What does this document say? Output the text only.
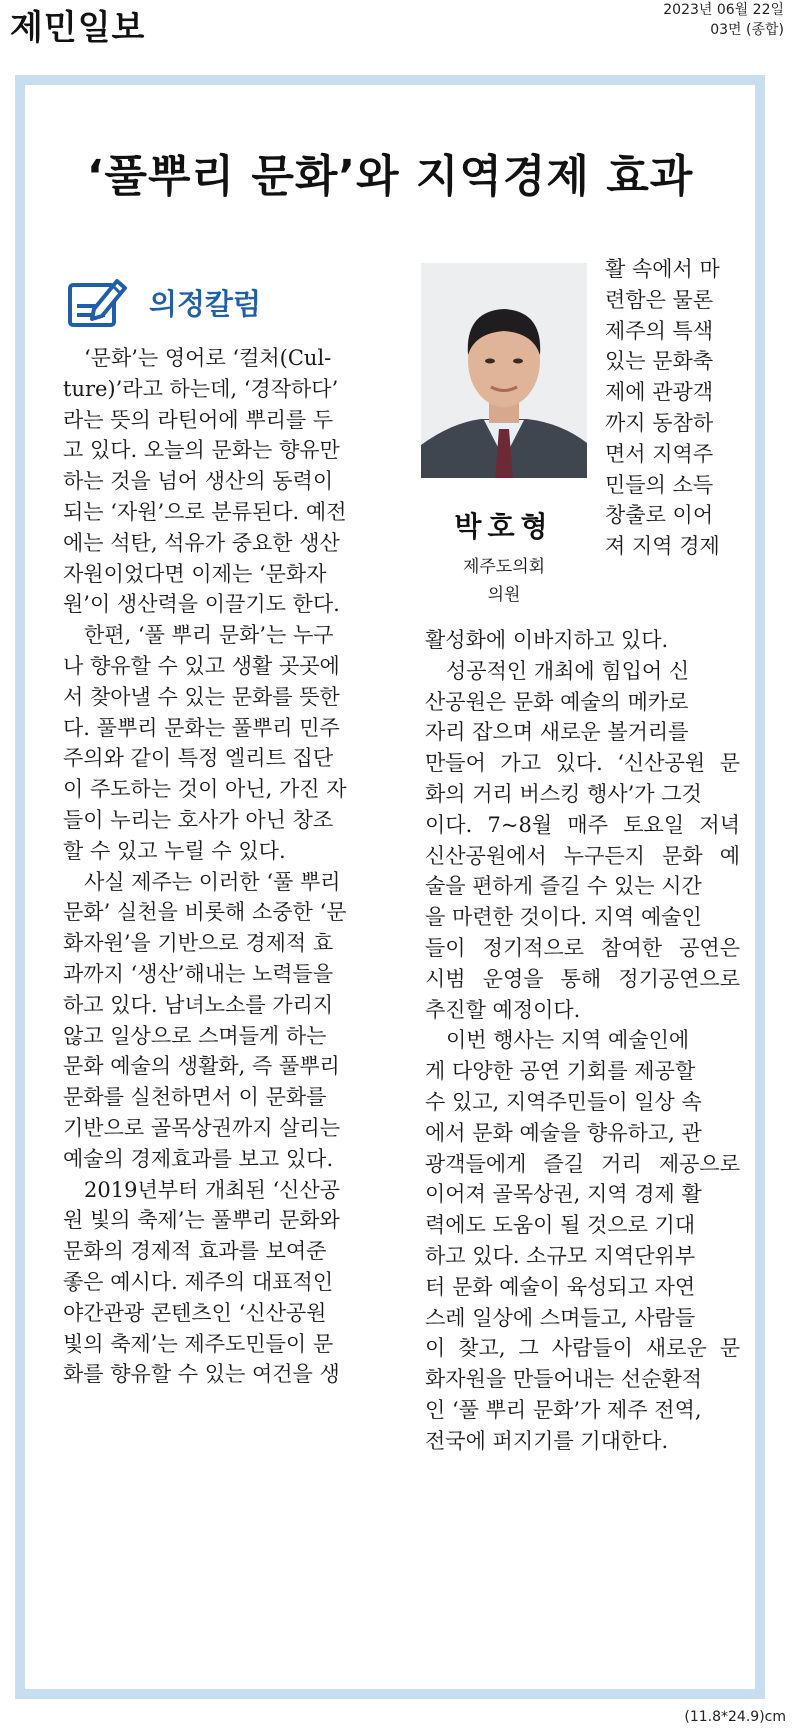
제민일보	2023년 06월 22일
03면 (종합)
‘풀뿌리 문화’와 지역경제 효과
의정칼럼
박호형
제주도의회
의원
‘문화’는 영어로 ‘컬처(Cul-
ture)’라고 하는데, ‘경작하다’
라는 뜻의 라틴어에 뿌리를 두
고 있다. 오늘의 문화는 향유만
하는 것을 넘어 생산의 동력이
되는 ‘자원’으로 분류된다. 예전
에는 석탄, 석유가 중요한 생산
자원이었다면 이제는 ‘문화자
원’이 생산력을 이끌기도 한다.
한편, ‘풀 뿌리 문화’는 누구
나 향유할 수 있고 생활 곳곳에
서 찾아낼 수 있는 문화를 뜻한
다. 풀뿌리 문화는 풀뿌리 민주
주의와 같이 특정 엘리트 집단
이 주도하는 것이 아닌, 가진 자
들이 누리는 호사가 아닌 창조
할 수 있고 누릴 수 있다.
사실 제주는 이러한 ‘풀 뿌리
문화’ 실천을 비롯해 소중한 ‘문
화자원’을 기반으로 경제적 효
과까지 ‘생산’해내는 노력들을
하고 있다. 남녀노소를 가리지
않고 일상으로 스며들게 하는
문화 예술의 생활화, 즉 풀뿌리
문화를 실천하면서 이 문화를
기반으로 골목상권까지 살리는
예술의 경제효과를 보고 있다.
2019년부터 개최된 ‘신산공
원 빛의 축제’는 풀뿌리 문화와
문화의 경제적 효과를 보여준
좋은 예시다. 제주의 대표적인
야간관광 콘텐츠인 ‘신산공원
빛의 축제’는 제주도민들이 문
화를 향유할 수 있는 여건을 생
활 속에서 마
련함은 물론
제주의 특색
있는 문화축
제에 관광객
까지 동참하
면서 지역주
민들의 소득
창출로 이어
져 지역 경제
활성화에 이바지하고 있다.
성공적인 개최에 힘입어 신
산공원은 문화 예술의 메카로
자리 잡으며 새로운 볼거리를
만들어 가고 있다. ‘신산공원 문
화의 거리 버스킹 행사’가 그것
이다. 7~8월 매주 토요일 저녁
신산공원에서 누구든지 문화 예
술을 편하게 즐길 수 있는 시간
을 마련한 것이다. 지역 예술인
들이 정기적으로 참여한 공연은
시범 운영을 통해 정기공연으로
추진할 예정이다.
이번 행사는 지역 예술인에
게 다양한 공연 기회를 제공할
수 있고, 지역주민들이 일상 속
에서 문화 예술을 향유하고, 관
광객들에게 즐길 거리 제공으로
이어져 골목상권, 지역 경제 활
력에도 도움이 될 것으로 기대
하고 있다. 소규모 지역단위부
터 문화 예술이 육성되고 자연
스레 일상에 스며들고, 사람들
이 찾고, 그 사람들이 새로운 문
화자원을 만들어내는 선순환적
인 ‘풀 뿌리 문화’가 제주 전역,
전국에 퍼지기를 기대한다.
(11.8*24.9)cm
